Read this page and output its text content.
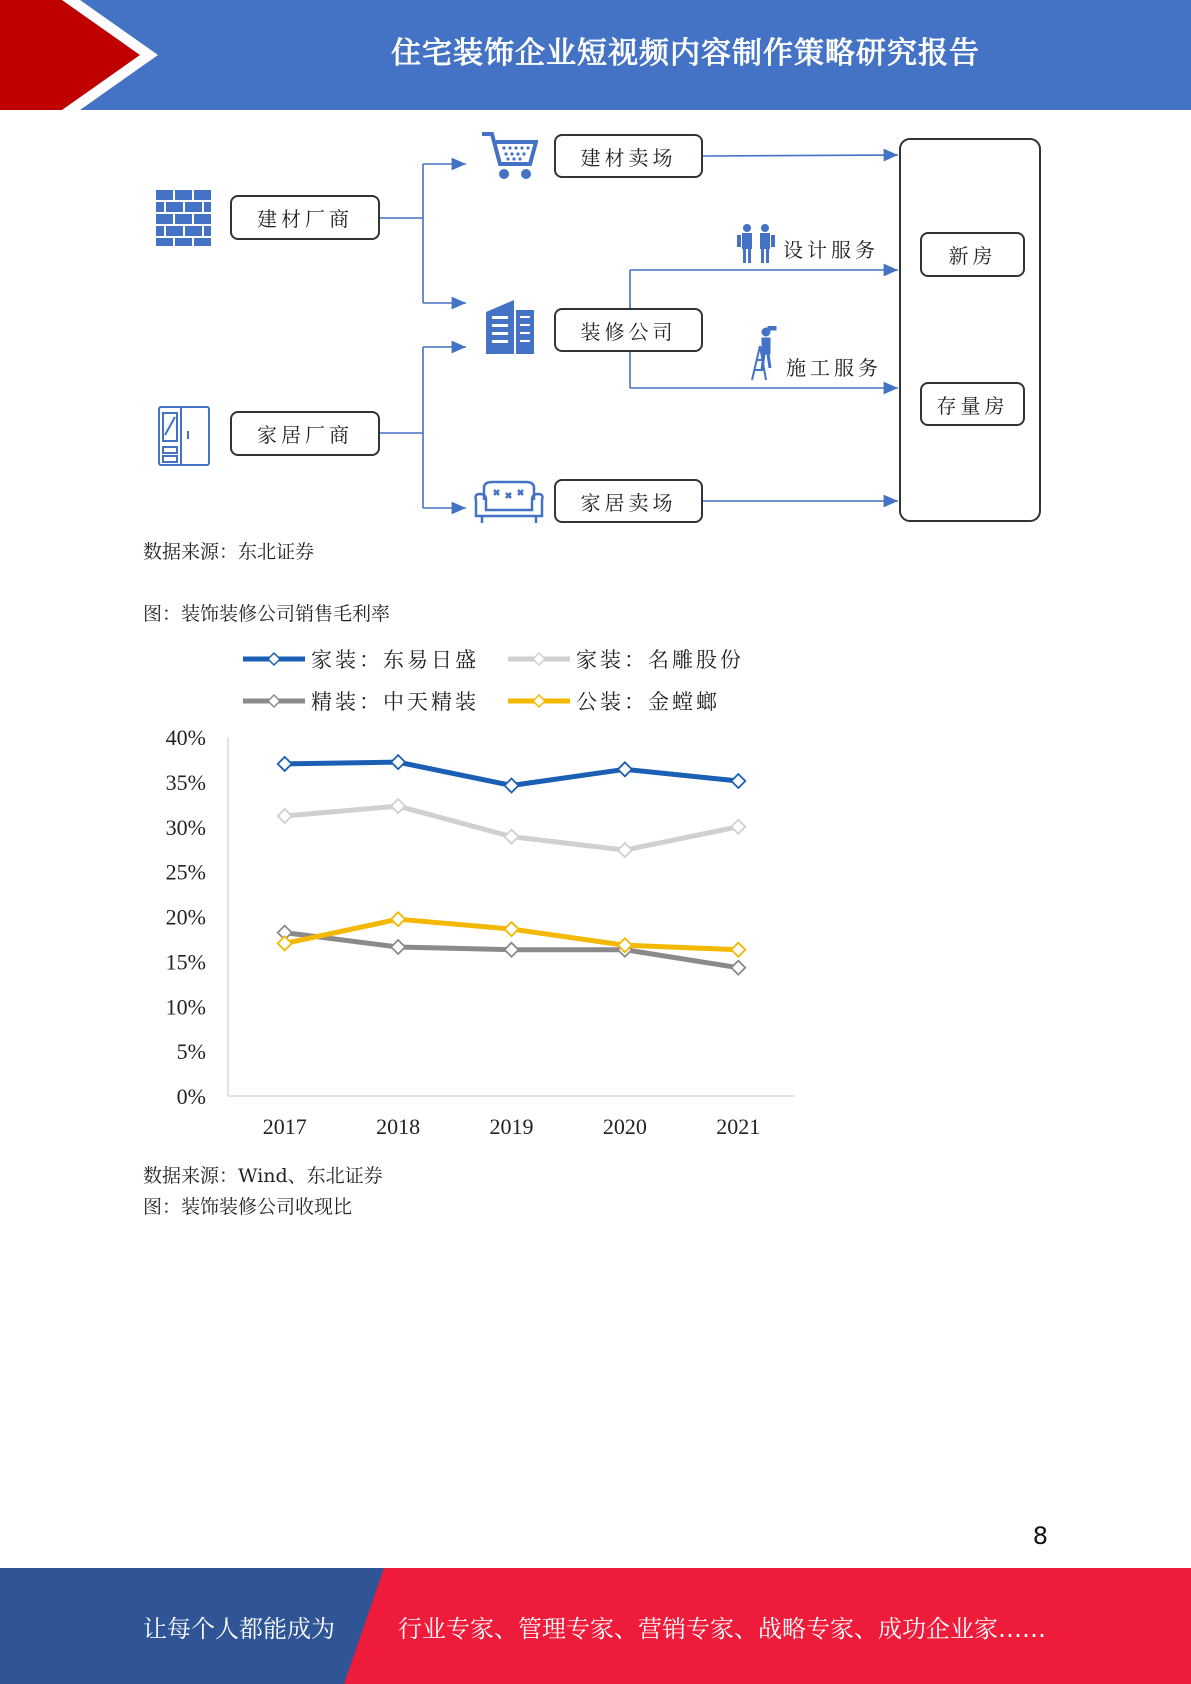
住宅装饰企业短视频内容制作策略研究报告
建材厂商
家居厂商
建材卖场
装修公司
家居卖场
新房
存量房
设计服务
施工服务
数据来源：东北证券
图：装饰装修公司销售毛利率
家装：东易日盛	家装：名雕股份
精装：中天精装	公装：金螳螂
0%
5%
10%
15%
20%
25%
30%
35%
40%
2017	2018	2019	2020	2021
数据来源：Wind、东北证券
图：装饰装修公司收现比
8
让每个人都能成为	行业专家、管理专家、营销专家、战略专家、成功企业家……
